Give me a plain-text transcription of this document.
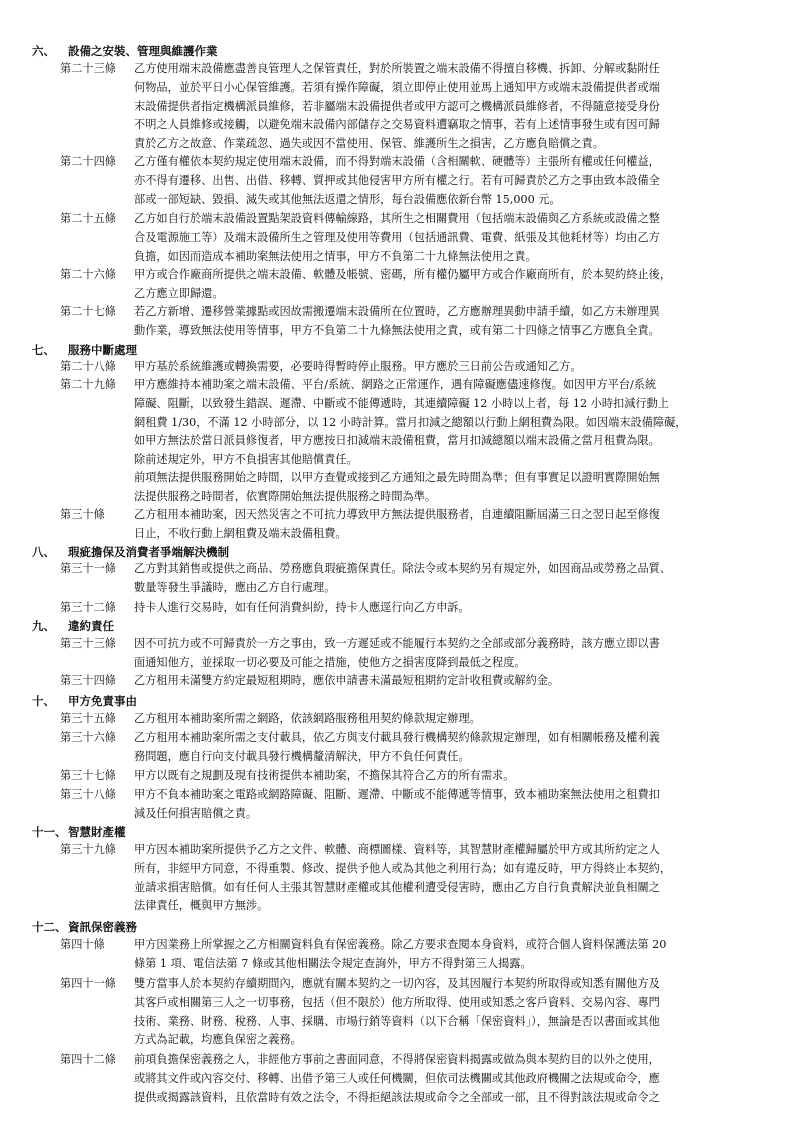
六、 設備之安裝、管理與維護作業
第二十三條	乙方使用端末設備應盡善良管理人之保管責任，對於所裝置之端末設備不得擅自移機、拆卸、分解或黏附任
何物品，並於平日小心保管維護。若須有操作障礙，須立即停止使用並馬上通知甲方或端末設備提供者或端
末設備提供者指定機構派員維修，若非屬端末設備提供者或甲方認可之機構派員維修者，不得隨意接受身份
不明之人員維修或接觸，以避免端末設備內部儲存之交易資料遭竊取之情事，若有上述情事發生或有因可歸
責於乙方之故意、作業疏忽、過失或因不當使用、保管、維護所生之損害，乙方應負賠償之責。
第二十四條	乙方僅有權依本契約規定使用端末設備，而不得對端末設備（含相關軟、硬體等）主張所有權或任何權益，
亦不得有遷移、出售、出借、移轉、質押或其他侵害甲方所有權之行。若有可歸責於乙方之事由致本設備全
部或一部短缺、毀損、滅失或其他無法返還之情形，每台設備應依新台幣 15,000 元。
第二十五條	乙方如自行於端末設備設置點架設資料傳輸線路，其所生之相關費用（包括端末設備與乙方系統或設備之整
合及電源施工等）及端末設備所生之管理及使用等費用（包括通訊費、電費、紙張及其他耗材等）均由乙方
負擔，如因而造成本補助案無法使用之情事，甲方不負第二十九條無法使用之責。
第二十六條	甲方或合作廠商所提供之端末設備、軟體及帳號、密碼，所有權仍屬甲方或合作廠商所有，於本契約終止後，
乙方應立即歸還。
第二十七條	若乙方新增、遷移營業據點或因故需搬遷端末設備所在位置時，乙方應辦理異動申請手續，如乙方未辦理異
動作業，導致無法使用等情事，甲方不負第二十九條無法使用之責，或有第二十四條之情事乙方應負全責。
七、 服務中斷處理
第二十八條	甲方基於系統維護或轉換需要，必要時得暫時停止服務。甲方應於三日前公告或通知乙方。
第二十九條	甲方應維持本補助案之端末設備、平台/系統、網路之正常運作，遇有障礙應儘速修復。如因甲方平台/系統
障礙、阻斷，以致發生錯誤、遲滯、中斷或不能傳遞時，其連續障礙 12 小時以上者，每 12 小時扣減行動上
網租費 1/30，不滿 12 小時部分，以 12 小時計算。當月扣減之總額以行動上網租費為限。如因端末設備障礙，
如甲方無法於當日派員修復者，甲方應按日扣減端末設備租費，當月扣減總額以端末設備之當月租費為限。
除前述規定外，甲方不負損害其他賠償責任。
前項無法提供服務開始之時間，以甲方查覺或接到乙方通知之最先時間為準；但有事實足以證明實際開始無
法提供服務之時間者，依實際開始無法提供服務之時間為準。
第三十條	乙方租用本補助案，因天然災害之不可抗力導致甲方無法提供服務者，自連續阻斷屆滿三日之翌日起至修復
日止，不收行動上網租費及端末設備租費。
八、 瑕疵擔保及消費者爭端解決機制
第三十一條	乙方對其銷售或提供之商品、勞務應負瑕疵擔保責任。除法令或本契約另有規定外，如因商品或勞務之品質、
數量等發生爭議時，應由乙方自行處理。
第三十二條	持卡人進行交易時，如有任何消費糾紛，持卡人應逕行向乙方申訴。
九、 違約責任
第三十三條	因不可抗力或不可歸責於一方之事由，致一方遲延或不能履行本契約之全部或部分義務時，該方應立即以書
面通知他方，並採取一切必要及可能之措施，使他方之損害度降到最低之程度。
第三十四條	乙方租用未滿雙方約定最短租期時，應依申請書未滿最短租期約定計收租費或解約金。
十、 甲方免責事由
第三十五條	乙方租用本補助案所需之網路，依該網路服務租用契約條款規定辦理。
第三十六條	乙方租用本補助案所需之支付載具，依乙方與支付載具發行機構契約條款規定辦理，如有相關帳務及權利義
務問題，應自行向支付載具發行機構釐清解決，甲方不負任何責任。
第三十七條	甲方以既有之規劃及現有技術提供本補助案，不擔保其符合乙方的所有需求。
第三十八條	甲方不負本補助案之電路或網路障礙、阻斷、遲滯、中斷或不能傳遞等情事，致本補助案無法使用之租費扣
減及任何損害賠償之責。
十一、 智慧財產權
第三十九條	甲方因本補助案所提供予乙方之文件、軟體、商標圖樣、資料等，其智慧財產權歸屬於甲方或其所約定之人
所有，非經甲方同意，不得重製、修改、提供予他人或為其他之利用行為；如有違反時，甲方得終止本契約，
並請求損害賠償。如有任何人主張其智慧財產權或其他權利遭受侵害時，應由乙方自行負責解決並負相關之
法律責任，概與甲方無涉。
十二、 資訊保密義務
第四十條	甲方因業務上所掌握之乙方相關資料負有保密義務。除乙方要求查閱本身資料，或符合個人資料保護法第 20
條第 1 項、電信法第 7 條或其他相關法令規定查詢外，甲方不得對第三人揭露。
第四十一條	雙方當事人於本契約存續期間內，應就有關本契約之一切內容，及其因履行本契約所取得或知悉有關他方及
其客戶或相關第三人之一切事務，包括（但不限於）他方所取得、使用或知悉之客戶資料、交易內容、專門
技術、業務、財務、稅務、人事、採購、市場行銷等資料（以下合稱「保密資料」），無論是否以書面或其他
方式為記載，均應負保密之義務。
第四十二條	前項負擔保密義務之人，非經他方事前之書面同意，不得將保密資料揭露或做為與本契約目的以外之使用，
或將其文件或內容交付、移轉、出借予第三人或任何機關，但依司法機關或其他政府機關之法規或命令，應
提供或揭露該資料，且依當時有效之法令，不得拒絕該法規或命令之全部或一部，且不得對該法規或命令之
